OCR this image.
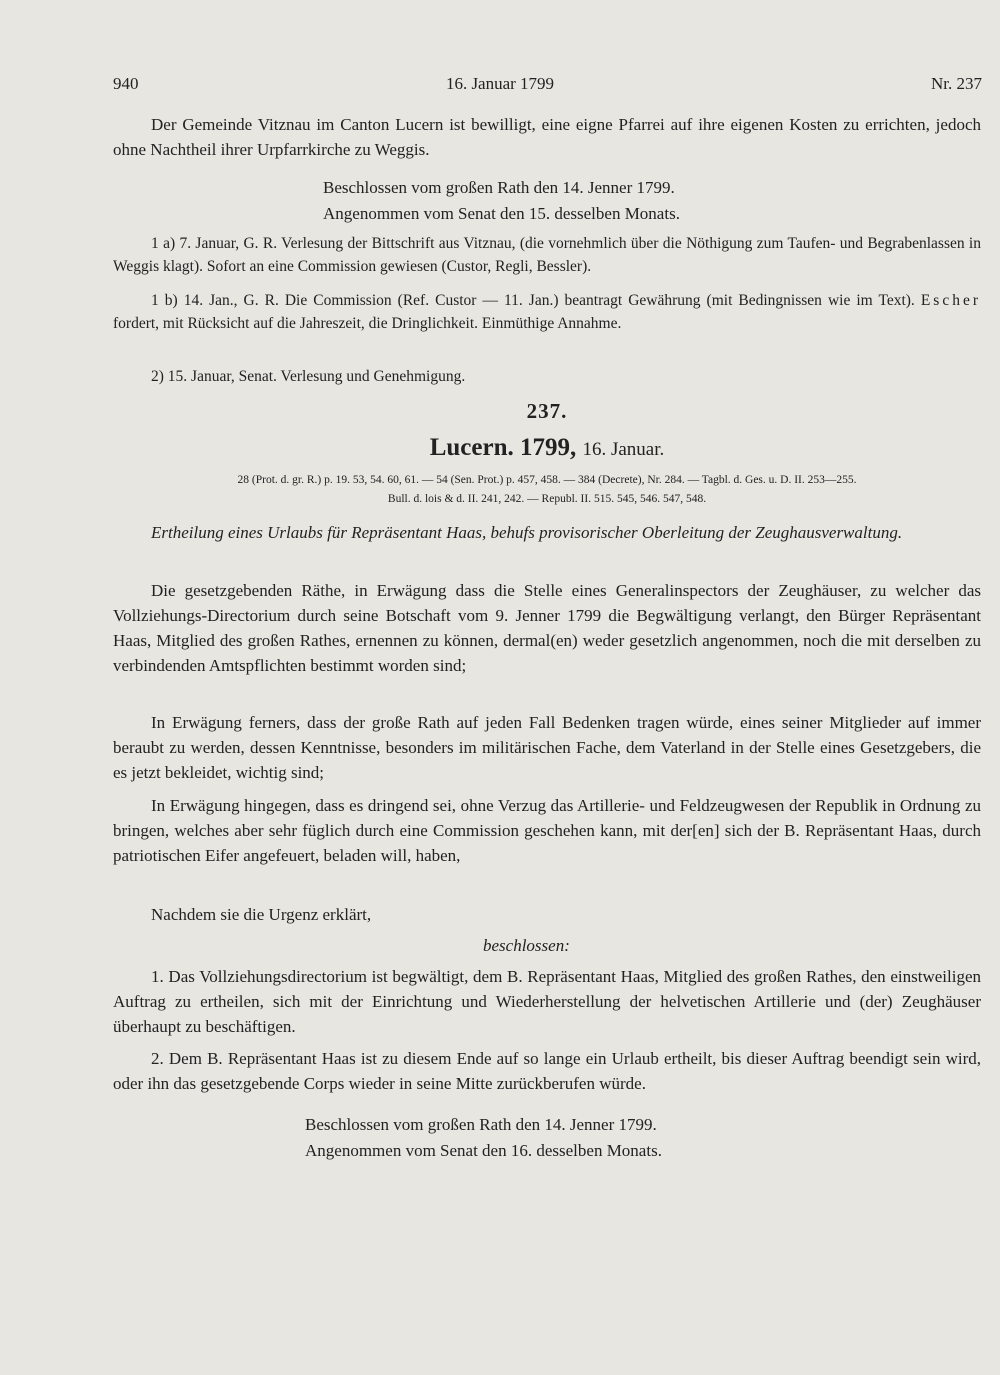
940	16. Januar 1799	Nr. 237

Der Gemeinde Vitznau im Canton Lucern ist bewilligt, eine eigne Pfarrei auf ihre eigenen Kosten zu errichten, jedoch ohne Nachtheil ihrer Urpfarrkirche zu Weggis.

Beschlossen vom großen Rath den 14. Jenner 1799.

Angenommen vom Senat den 15. desselben Monats.

1 a) 7. Januar, G. R. Verlesung der Bittschrift aus Vitznau, (die vornehmlich über die Nöthigung zum Taufen- und Begrabenlassen in Weggis klagt). Sofort an eine Commission gewiesen (Custor, Regli, Bessler).

1 b) 14. Jan., G. R. Die Commission (Ref. Custor — 11. Jan.) beantragt Gewährung (mit Bedingnissen wie im Text). Escher fordert, mit Rücksicht auf die Jahreszeit, die Dringlichkeit. Einmüthige Annahme.

2) 15. Januar, Senat. Verlesung und Genehmigung.

237.

Lucern. 1799, 16. Januar.

28 (Prot. d. gr. R.) p. 19. 53, 54. 60, 61. — 54 (Sen. Prot.) p. 457, 458. — 384 (Decrete), Nr. 284. — Tagbl. d. Ges. u. D. II. 253—255.

Bull. d. lois & d. II. 241, 242. — Republ. II. 515. 545, 546. 547, 548.

Ertheilung eines Urlaubs für Repräsentant Haas, behufs provisorischer Oberleitung der Zeughausverwaltung.

Die gesetzgebenden Räthe, in Erwägung dass die Stelle eines Generalinspectors der Zeughäuser, zu welcher das Vollziehungs-Directorium durch seine Botschaft vom 9. Jenner 1799 die Begwältigung verlangt, den Bürger Repräsentant Haas, Mitglied des großen Rathes, ernennen zu können, dermal(en) weder gesetzlich angenommen, noch die mit derselben zu verbindenden Amtspflichten bestimmt worden sind;

In Erwägung ferners, dass der große Rath auf jeden Fall Bedenken tragen würde, eines seiner Mitglieder auf immer beraubt zu werden, dessen Kenntnisse, besonders im militärischen Fache, dem Vaterland in der Stelle eines Gesetzgebers, die es jetzt bekleidet, wichtig sind;

In Erwägung hingegen, dass es dringend sei, ohne Verzug das Artillerie- und Feldzeugwesen der Republik in Ordnung zu bringen, welches aber sehr füglich durch eine Commission geschehen kann, mit der[en] sich der B. Repräsentant Haas, durch patriotischen Eifer angefeuert, beladen will, haben,

Nachdem sie die Urgenz erklärt,

beschlossen:

1. Das Vollziehungsdirectorium ist begwältigt, dem B. Repräsentant Haas, Mitglied des großen Rathes, den einstweiligen Auftrag zu ertheilen, sich mit der Einrichtung und Wiederherstellung der helvetischen Artillerie und (der) Zeughäuser überhaupt zu beschäftigen.

2. Dem B. Repräsentant Haas ist zu diesem Ende auf so lange ein Urlaub ertheilt, bis dieser Auftrag beendigt sein wird, oder ihn das gesetzgebende Corps wieder in seine Mitte zurückberufen würde.

Beschlossen vom großen Rath den 14. Jenner 1799.

Angenommen vom Senat den 16. desselben Monats.
